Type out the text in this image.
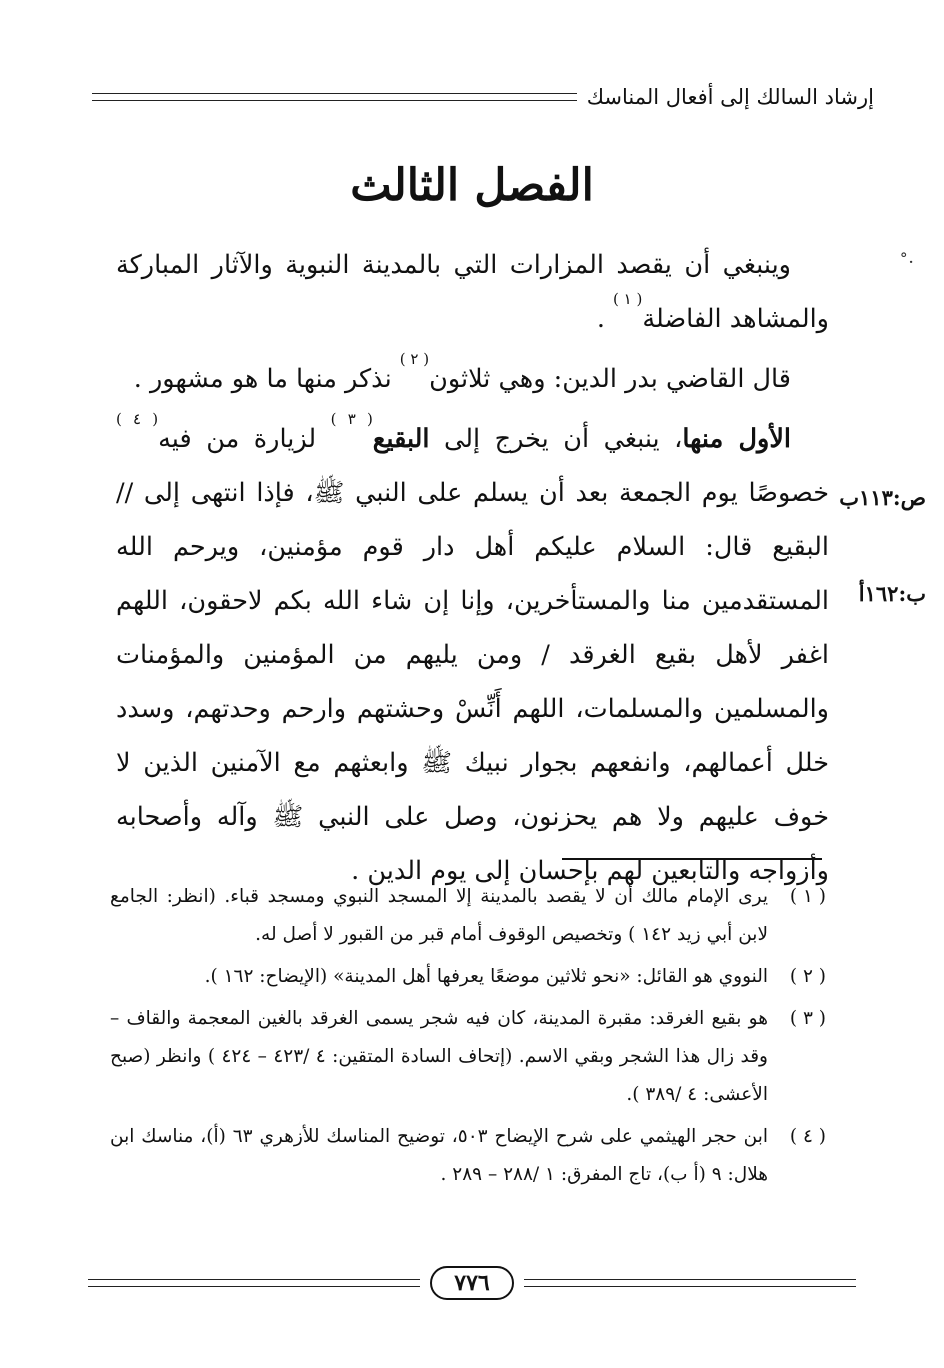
إرشاد السالك إلى أفعال المناسك
الفصل الثالث
·˚
ص:١١٣ب
ب:١٦٢أ

وينبغي أن يقصد المزارات التي بالمدينة النبوية والآثار المباركة والمشاهد الفاضلة$^{( ١ )}$ .

قال القاضي بدر الدين: وهي ثلاثون$^{( ٢ )}$ نذكر منها ما هو مشهور .

الأول منها، ينبغي أن يخرج إلى البقيع$^{( ٣ )}$ لزيارة من فيه$^{( ٤ )}$ خصوصًا يوم الجمعة بعد أن يسلم على النبي ﷺ، فإذا انتهى إلى // البقيع قال: السلام عليكم أهل دار قوم مؤمنين، ويرحم الله المستقدمين منا والمستأخرين، وإنا إن شاء الله بكم لاحقون، اللهم اغفر لأهل بقيع الغرقد / ومن يليهم من المؤمنين والمؤمنات والمسلمين والمسلمات، اللهم أَنِّسْ وحشتهم وارحم وحدتهم، وسدد خلل أعمالهم، وانفعهم بجوار نبيك ﷺ وابعثهم مع الآمنين الذين لا خوف عليهم ولا هم يحزنون، وصل على النبي ﷺ وآله وأصحابه وأزواجه والتابعين لهم بإحسان إلى يوم الدين .

( ١ )
يرى الإمام مالك أن لا يقصد بالمدينة إلا المسجد النبوي ومسجد قباء. (انظر: الجامع لابن أبي زيد ١٤٢ ) وتخصيص الوقوف أمام قبر من القبور لا أصل له.
( ٢ )
النووي هو القائل: «نحو ثلاثين موضعًا يعرفها أهل المدينة» (الإيضاح: ١٦٢ ).
( ٣ )
هو بقيع الغرقد: مقبرة المدينة، كان فيه شجر يسمى الغرقد بالغين المعجمة والقاف – وقد زال هذا الشجر وبقي الاسم. (إتحاف السادة المتقين: ٤ /٤٢٣ – ٤٢٤ ) وانظر (صبح الأعشى: ٤ /٣٨٩ ).
( ٤ )
ابن حجر الهيثمي على شرح الإيضاح ٥٠٣، توضيح المناسك للأزهري ٦٣ (أ)، مناسك ابن هلال: ٩ (أ ب)، تاج المفرق: ١ /٢٨٨ – ٢٨٩ .
٧٧٦
